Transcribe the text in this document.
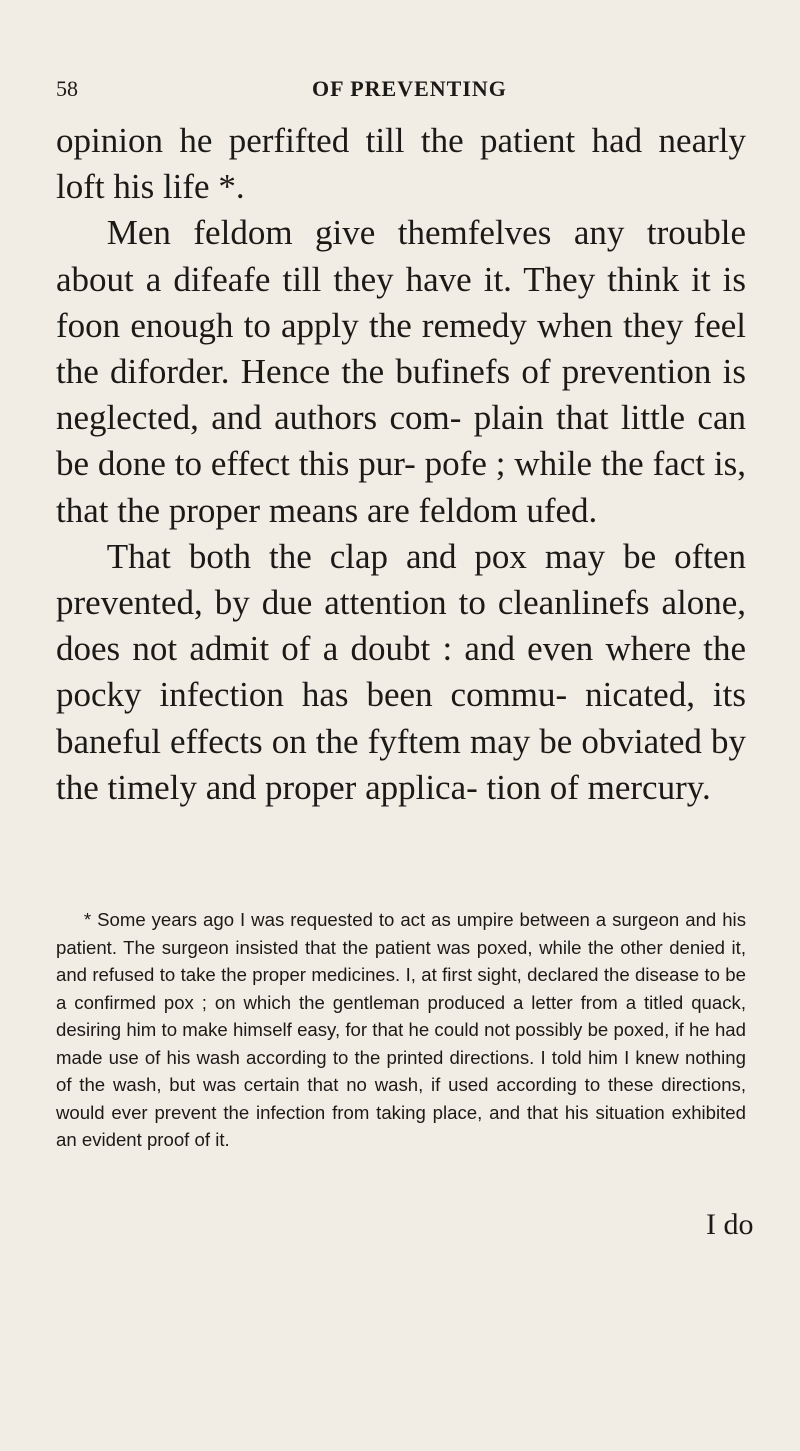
58	OF PREVENTING

opinion he perfifted till the patient had nearly loft his life *.

Men feldom give themfelves any trouble about a difeafe till they have it. They think it is foon enough to apply the remedy when they feel the diforder. Hence the bufinefs of prevention is neglected, and authors com- plain that little can be done to effect this pur- pofe ; while the fact is, that the proper means are feldom ufed.

That both the clap and pox may be often prevented, by due attention to cleanlinefs alone, does not admit of a doubt : and even where the pocky infection has been commu- nicated, its baneful effects on the fyftem may be obviated by the timely and proper applica- tion of mercury.

* Some years ago I was requested to act as umpire between a surgeon and his patient. The surgeon insisted that the patient was poxed, while the other denied it, and refused to take the proper medicines. I, at first sight, declared the disease to be a confirmed pox ; on which the gentleman produced a letter from a titled quack, desiring him to make himself easy, for that he could not possibly be poxed, if he had made use of his wash according to the printed directions. I told him I knew nothing of the wash, but was certain that no wash, if used according to these directions, would ever prevent the infection from taking place, and that his situation exhibited an evident proof of it.
I do
